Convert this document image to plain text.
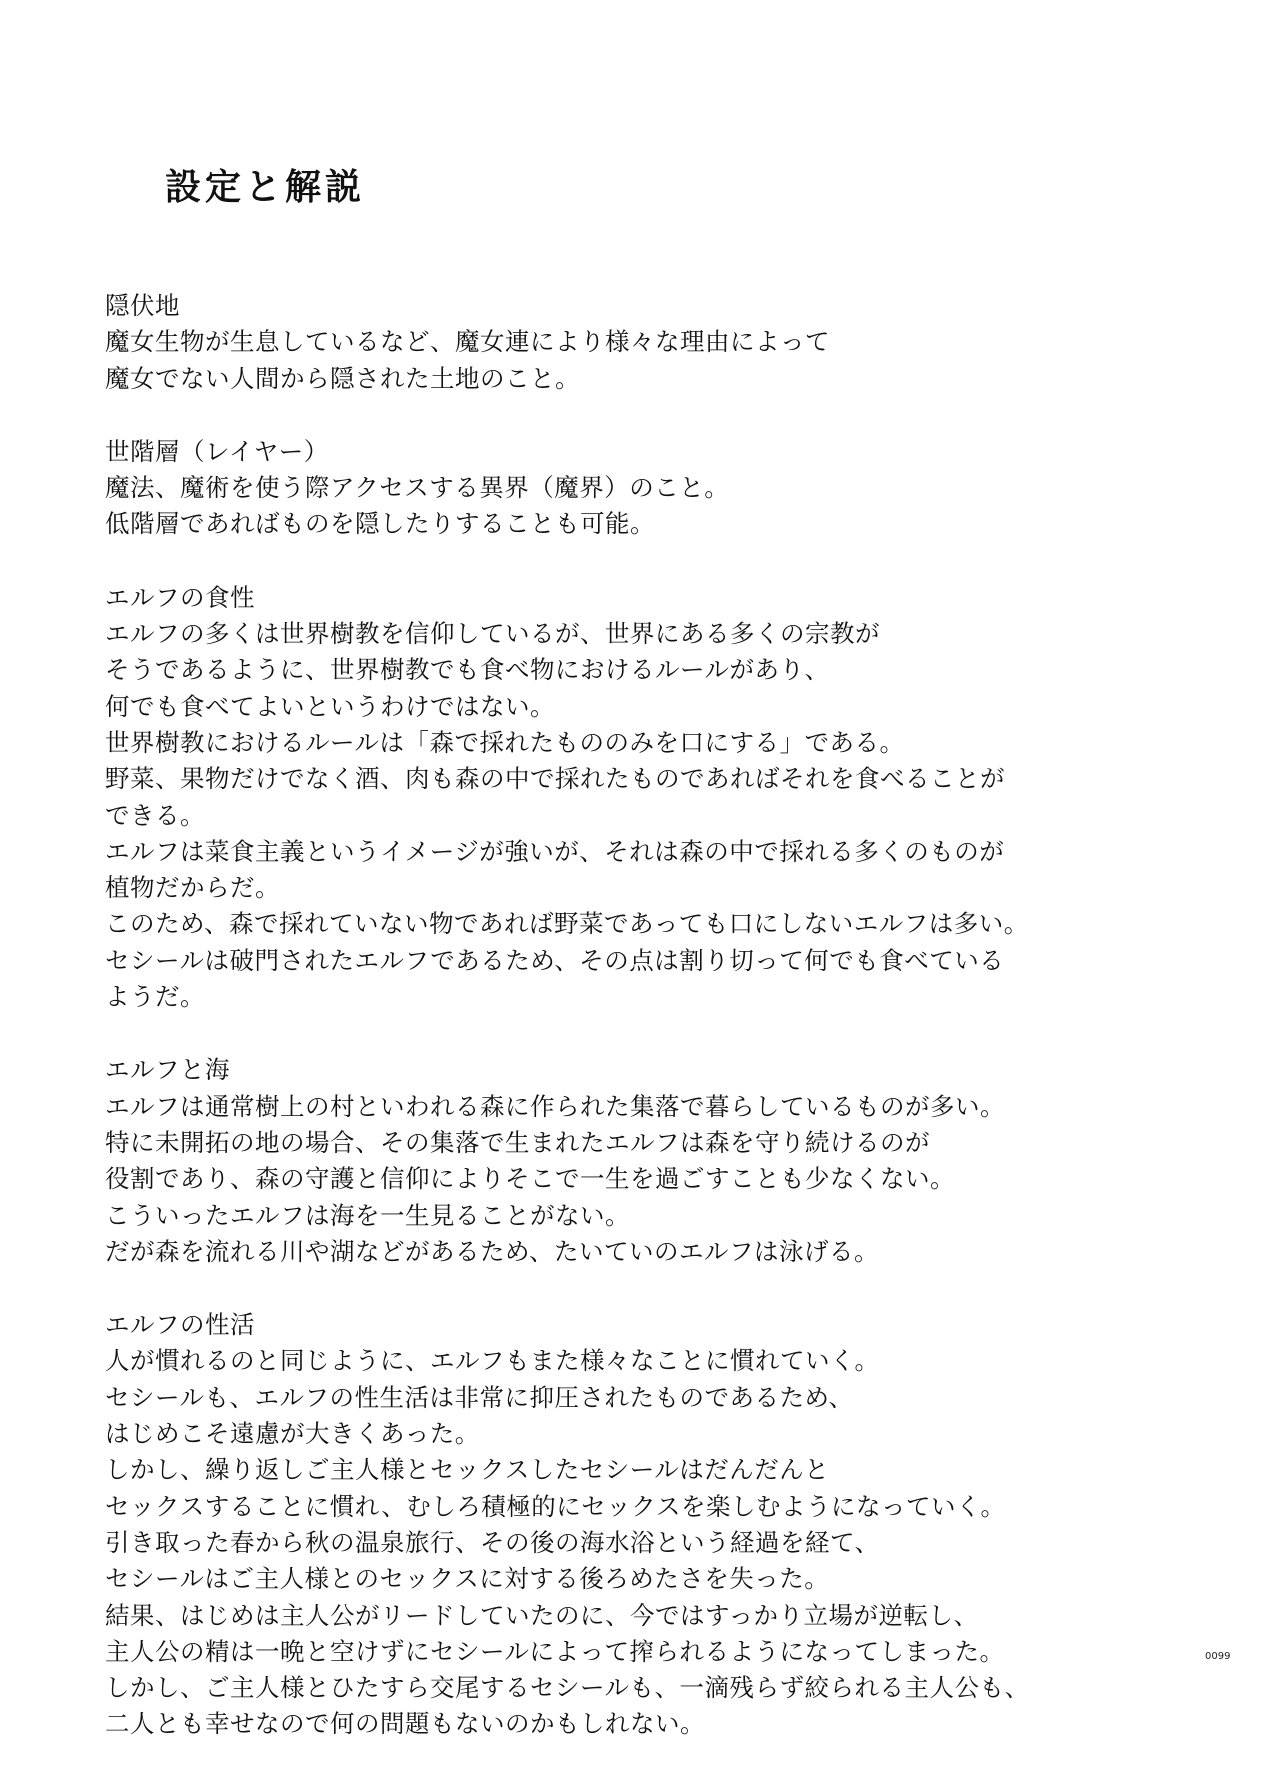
設定と解説
隠伏地
魔女生物が生息しているなど、魔女連により様々な理由によって
魔女でない人間から隠された土地のこと。
世階層（レイヤー）
魔法、魔術を使う際アクセスする異界（魔界）のこと。
低階層であればものを隠したりすることも可能。
エルフの食性
エルフの多くは世界樹教を信仰しているが、世界にある多くの宗教が
そうであるように、世界樹教でも食べ物におけるルールがあり、
何でも食べてよいというわけではない。
世界樹教におけるルールは「森で採れたもののみを口にする」である。
野菜、果物だけでなく酒、肉も森の中で採れたものであればそれを食べることが
できる。
エルフは菜食主義というイメージが強いが、それは森の中で採れる多くのものが
植物だからだ。
このため、森で採れていない物であれば野菜であっても口にしないエルフは多い。
セシールは破門されたエルフであるため、その点は割り切って何でも食べている
ようだ。
エルフと海
エルフは通常樹上の村といわれる森に作られた集落で暮らしているものが多い。
特に未開拓の地の場合、その集落で生まれたエルフは森を守り続けるのが
役割であり、森の守護と信仰によりそこで一生を過ごすことも少なくない。
こういったエルフは海を一生見ることがない。
だが森を流れる川や湖などがあるため、たいていのエルフは泳げる。
エルフの性活
人が慣れるのと同じように、エルフもまた様々なことに慣れていく。
セシールも、エルフの性生活は非常に抑圧されたものであるため、
はじめこそ遠慮が大きくあった。
しかし、繰り返しご主人様とセックスしたセシールはだんだんと
セックスすることに慣れ、むしろ積極的にセックスを楽しむようになっていく。
引き取った春から秋の温泉旅行、その後の海水浴という経過を経て、
セシールはご主人様とのセックスに対する後ろめたさを失った。
結果、はじめは主人公がリードしていたのに、今ではすっかり立場が逆転し、
主人公の精は一晩と空けずにセシールによって搾られるようになってしまった。
しかし、ご主人様とひたすら交尾するセシールも、一滴残らず絞られる主人公も、
二人とも幸せなので何の問題もないのかもしれない。
0099
